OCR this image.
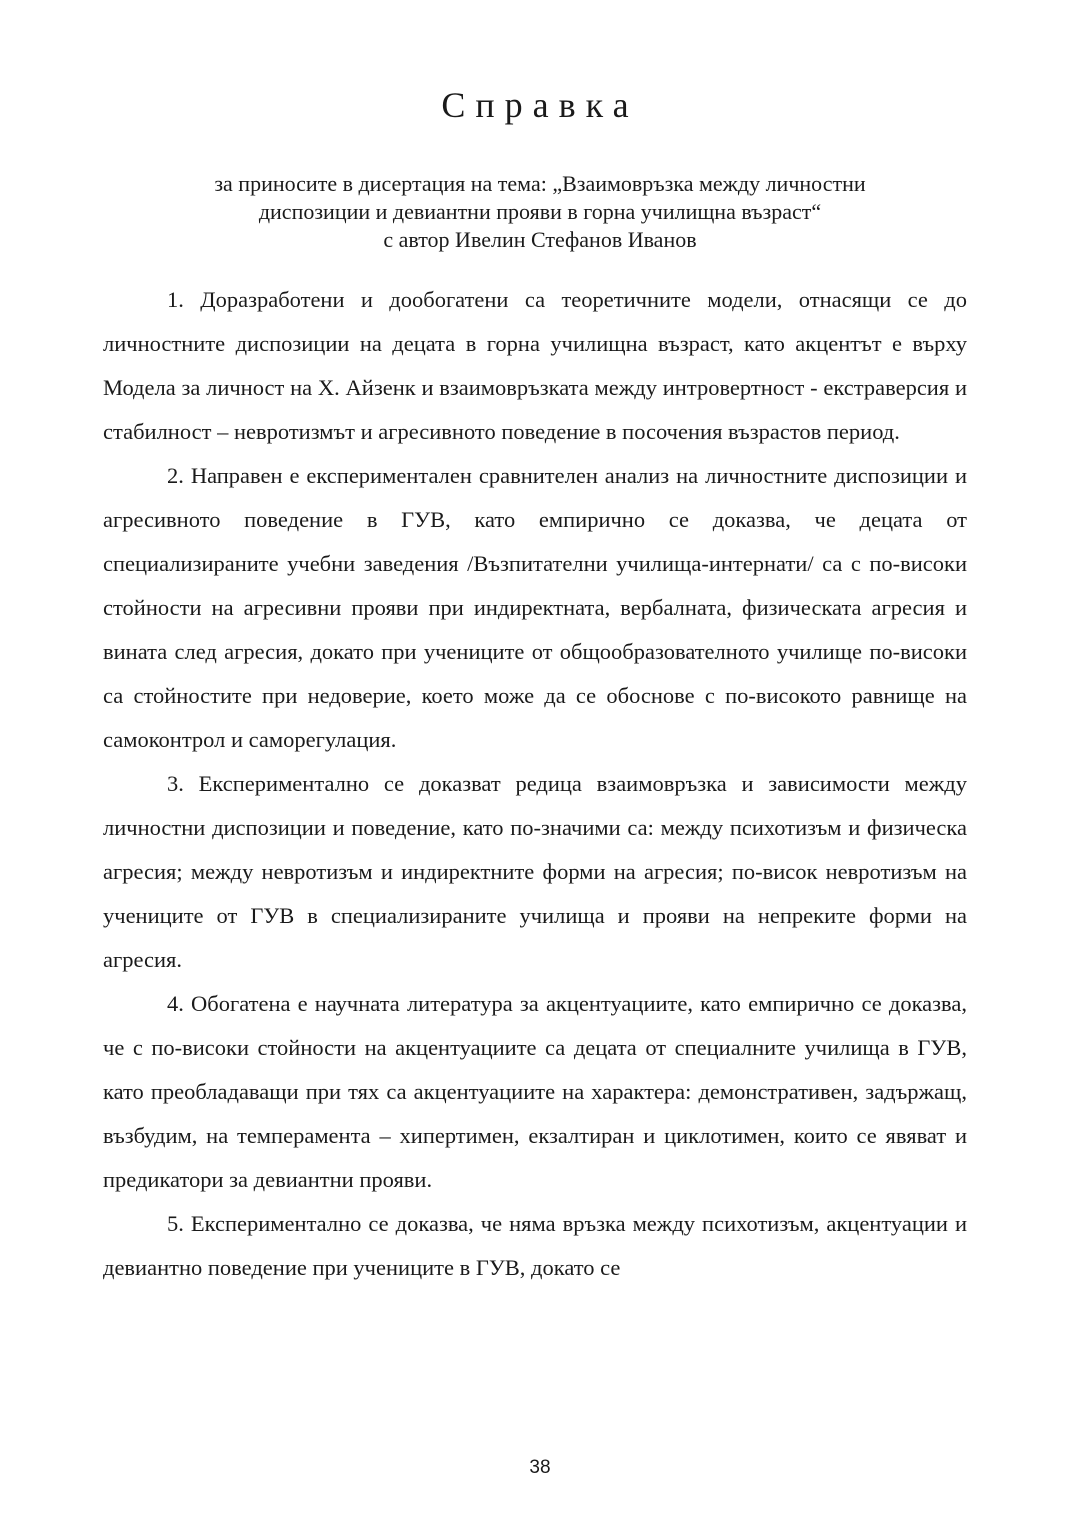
Справка
за приносите в дисертация на тема: „Взаимовръзка между личностни
диспозиции и девиантни прояви в горна училищна възраст“
с автор Ивелин Стефанов Иванов

1. Доразработени и дообогатени са теоретичните модели, отнасящи се до личностните диспозиции на децата в горна училищна възраст, като акцентът е върху Модела за личност на Х. Айзенк и взаимовръзката между интровертност - екстраверсия и стабилност – невротизмът и агресивното поведение в посочения възрастов период.

2. Направен е експериментален сравнителен анализ на личностните диспозиции и агресивното поведение в ГУВ, като емпирично се доказва, че децата от специализираните учебни заведения /Възпитателни училища-интернати/ са с по-високи стойности на агресивни прояви при индиректната, вербалната, физическата агресия и вината след агресия, докато при учениците от общообразователното училище по-високи са стойностите при недоверие, което може да се обоснове с по-високото равнище на самоконтрол и саморегулация.

3. Експериментално се доказват редица взаимовръзка и зависимости между личностни диспозиции и поведение, като по-значими са: между психотизъм и физическа агресия; между невротизъм и индиректните форми на агресия; по-висок невротизъм на учениците от ГУВ в специализираните училища и прояви на непреките форми на агресия.

4. Обогатена е научната литература за акцентуациите, като емпирично се доказва, че с по-високи стойности на акцентуациите са децата от специалните училища в ГУВ, като преобладаващи при тях са акцентуациите на характера: демонстративен, задържащ, възбудим, на темперамента – хипертимен, екзалтиран и циклотимен, които се явяват и предикатори за девиантни прояви.

5. Експериментално се доказва, че няма връзка между психотизъм, акцентуации и девиантно поведение при учениците в ГУВ, докато се

38
